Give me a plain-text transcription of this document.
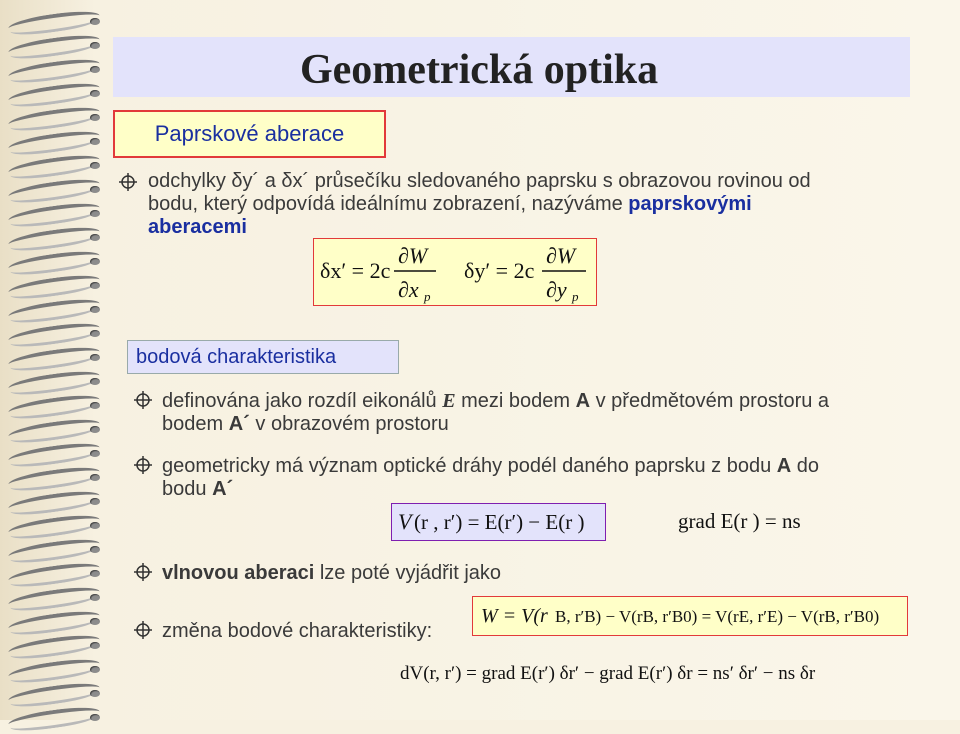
Geometrická optika
Paprskové aberace
odchylky δy´ a δx´ průsečíku sledovaného paprsku s obrazovou rovinou od
bodu, který odpovídá ideálnímu zobrazení, nazýváme paprskovými
aberacemi
δx′ = 2c
∂W
∂x p
δy′ = 2c
∂W
∂y p
bodová charakteristika
definována jako rozdíl eikonálů E mezi bodem A v předmětovém prostoru a
bodem A´ v obrazovém prostoru
geometricky má význam optické dráhy podél daného paprsku z bodu A do
bodu A´
V (r , r′) = E(r′) − E(r )	grad E(r ) = ns
vlnovou aberaci lze poté vyjádřit jako
W = V(r B, r′B) − V(rB, r′B0) = V(rE, r′E) − V(rB, r′B0)
změna bodové charakteristiky:
dV(r, r′) = grad E(r′) δr′ − grad E(r′) δr = ns′ δr′ − ns δr
